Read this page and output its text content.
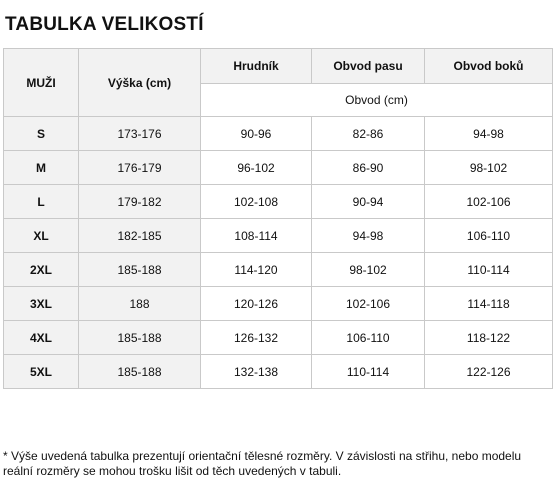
TABULKA VELIKOSTÍ
MUŽI	Výška (cm)	Hrudník	Obvod pasu	Obvod boků
		Obvod (cm)		
S	173-176	90-96	82-86	94-98
M	176-179	96-102	86-90	98-102
L	179-182	102-108	90-94	102-106
XL	182-185	108-114	94-98	106-110
2XL	185-188	114-120	98-102	110-114
3XL	188	120-126	102-106	114-118
4XL	185-188	126-132	106-110	118-122
5XL	185-188	132-138	110-114	122-126
* Výše uvedená tabulka prezentují orientační tělesné rozměry. V závislosti na střihu, nebo modelu reální rozměry se mohou trošku lišit od těch uvedených v tabuli.
